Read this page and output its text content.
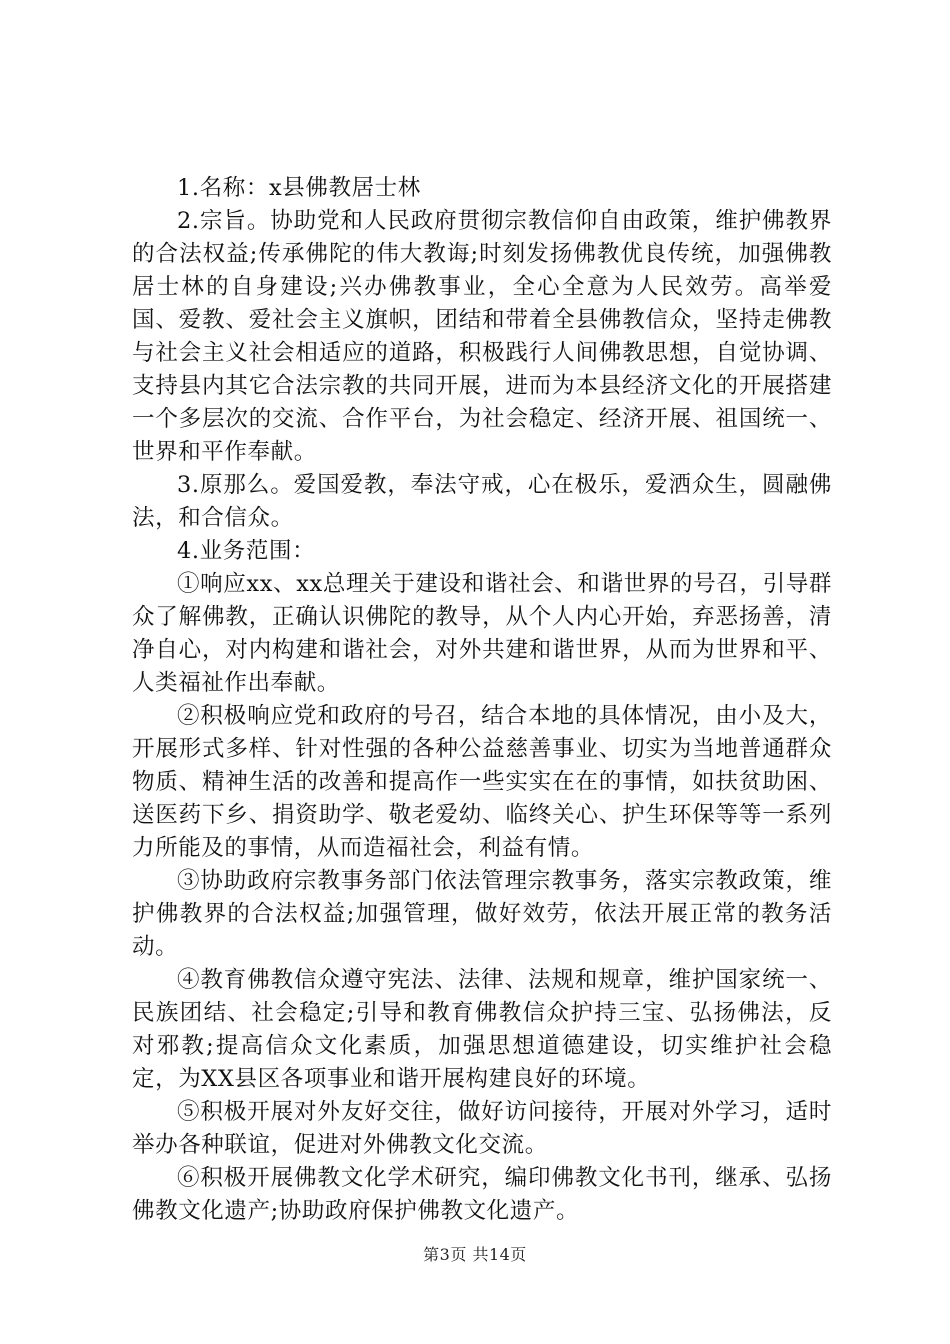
1.名称：x县佛教居士林

2.宗旨。协助党和人民政府贯彻宗教信仰自由政策，维护佛教界的合法权益;传承佛陀的伟大教诲;时刻发扬佛教优良传统，加强佛教居士林的自身建设;兴办佛教事业，全心全意为人民效劳。高举爱国、爱教、爱社会主义旗帜，团结和带着全县佛教信众，坚持走佛教与社会主义社会相适应的道路，积极践行人间佛教思想，自觉协调、支持县内其它合法宗教的共同开展，进而为本县经济文化的开展搭建一个多层次的交流、合作平台，为社会稳定、经济开展、祖国统一、世界和平作奉献。

3.原那么。爱国爱教，奉法守戒，心在极乐，爱洒众生，圆融佛法，和合信众。

4.业务范围：

①响应xx、xx总理关于建设和谐社会、和谐世界的号召，引导群众了解佛教，正确认识佛陀的教导，从个人内心开始，弃恶扬善，清净自心，对内构建和谐社会，对外共建和谐世界，从而为世界和平、人类福祉作出奉献。

②积极响应党和政府的号召，结合本地的具体情况，由小及大，开展形式多样、针对性强的各种公益慈善事业、切实为当地普通群众物质、精神生活的改善和提高作一些实实在在的事情，如扶贫助困、送医药下乡、捐资助学、敬老爱幼、临终关心、护生环保等等一系列力所能及的事情，从而造福社会，利益有情。

③协助政府宗教事务部门依法管理宗教事务，落实宗教政策，维护佛教界的合法权益;加强管理，做好效劳，依法开展正常的教务活动。

④教育佛教信众遵守宪法、法律、法规和规章，维护国家统一、民族团结、社会稳定;引导和教育佛教信众护持三宝、弘扬佛法，反对邪教;提高信众文化素质，加强思想道德建设，切实维护社会稳定，为XX县区各项事业和谐开展构建良好的环境。

⑤积极开展对外友好交往，做好访问接待，开展对外学习，适时举办各种联谊，促进对外佛教文化交流。

⑥积极开展佛教文化学术研究，编印佛教文化书刊，继承、弘扬佛教文化遗产;协助政府保护佛教文化遗产。

第3页 共14页
